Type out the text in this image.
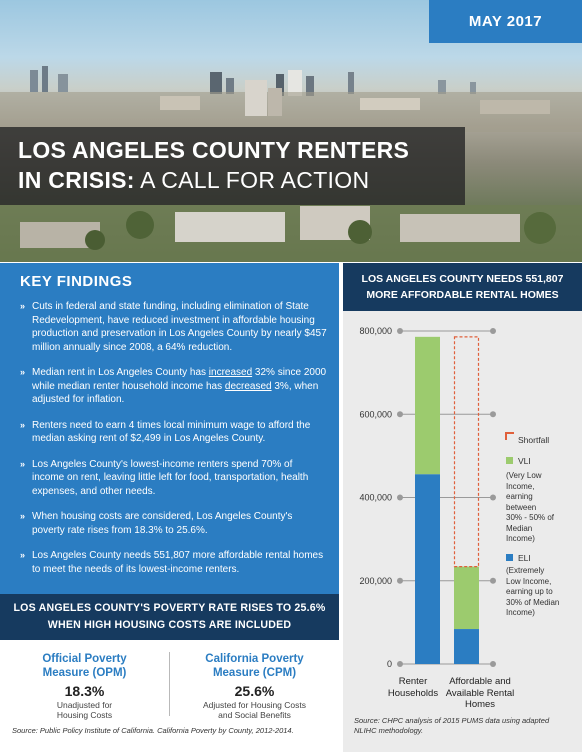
MAY 2017
LOS ANGELES COUNTY RENTERS
IN CRISIS: A CALL FOR ACTION
KEY FINDINGS
» Cuts in federal and state funding, including elimination of State Redevelopment, have reduced investment in affordable housing production and preservation in Los Angeles County by nearly $457 million annually since 2008, a 64% reduction.
» Median rent in Los Angeles County has increased 32% since 2000 while median renter household income has decreased 3%, when adjusted for inflation.
» Renters need to earn 4 times local minimum wage to afford the median asking rent of $2,499 in Los Angeles County.
» Los Angeles County's lowest-income renters spend 70% of income on rent, leaving little left for food, transportation, health expenses, and other needs.
» When housing costs are considered, Los Angeles County's poverty rate rises from 18.3% to 25.6%.
» Los Angeles County needs 551,807 more affordable rental homes to meet the needs of its lowest-income renters.
LOS ANGELES COUNTY'S POVERTY RATE RISES TO 25.6%
WHEN HIGH HOUSING COSTS ARE INCLUDED
Official Poverty
Measure (OPM)
18.3%
Unadjusted for
Housing Costs
California Poverty
Measure (CPM)
25.6%
Adjusted for Housing Costs
and Social Benefits
Source: Public Policy Institute of California. California Poverty by County, 2012-2014.
LOS ANGELES COUNTY NEEDS 551,807
MORE AFFORDABLE RENTAL HOMES
0
200,000
400,000
600,000
800,000
Renter
Households
Affordable and
Available Rental
Homes
Shortfall
VLI
(Very Low
Income,
earning
between
30% - 50% of
Median
Income)
ELI
(Extremely
Low Income,
earning up to
30% of Median
Income)
Source: CHPC analysis of 2015 PUMS data using adapted
NLIHC methodology.
